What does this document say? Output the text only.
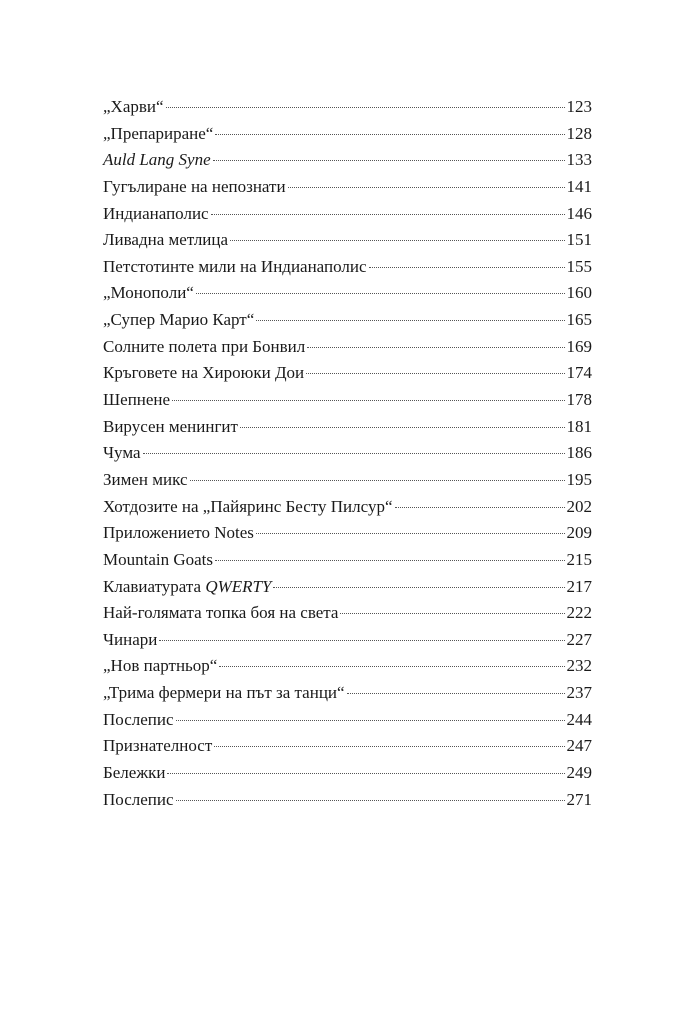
„Харви“	123
„Препариране“	128
Auld Lang Syne	133
Гугълиране на непознати	141
Индианаполис	146
Ливадна метлица	151
Петстотинте мили на Индианаполис	155
„Монополи“	160
„Супер Марио Карт“	165
Солните полета при Бонвил	169
Кръговете на Хироюки Дои	174
Шепнене	178
Вирусен менингит	181
Чума	186
Зимен микс	195
Хотдозите на „Пайяринс Бесту Пилсур“	202
Приложението Notes	209
Mountain Goats	215
Клавиатурата QWERTY	217
Най-голямата топка боя на света	222
Чинари	227
„Нов партньор“	232
„Трима фермери на път за танци“	237
Послепис	244
Признателност	247
Бележки	249
Послепис	271
